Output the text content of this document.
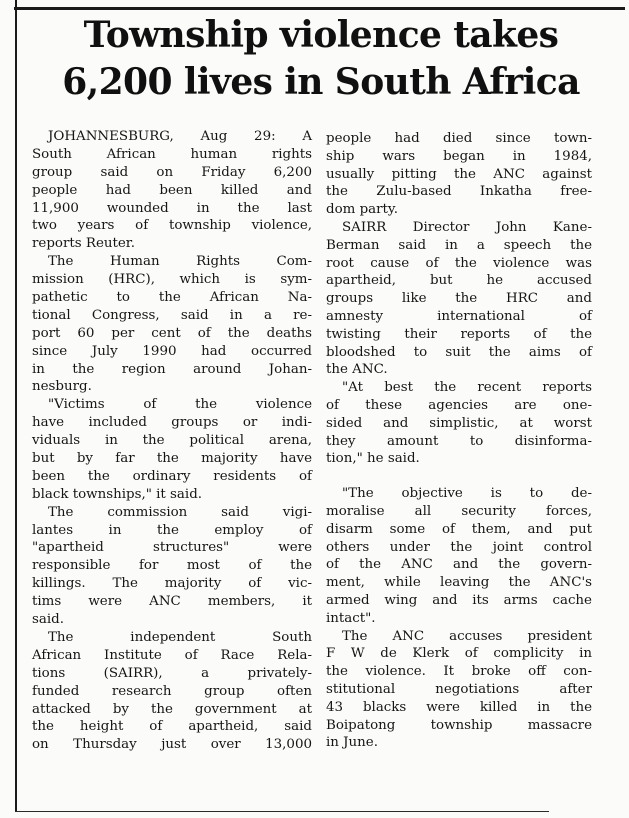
Township violence takes
6,200 lives in South Africa
JOHANNESBURG, Aug 29: A
South African human rights
group said on Friday 6,200
people had been killed and
11,900 wounded in the last
two years of township violence,
reports Reuter.
The Human Rights Com-
mission (HRC), which is sym-
pathetic to the African Na-
tional Congress, said in a re-
port 60 per cent of the deaths
since July 1990 had occurred
in the region around Johan-
nesburg.
"Victims of the violence
have included groups or indi-
viduals in the political arena,
but by far the majority have
been the ordinary residents of
black townships," it said.
The commission said vigi-
lantes in the employ of
"apartheid structures" were
responsible for most of the
killings. The majority of vic-
tims were ANC members, it
said.
The independent South
African Institute of Race Rela-
tions (SAIRR), a privately-
funded research group often
attacked by the government at
the height of apartheid, said
on Thursday just over 13,000
people had died since town-
ship wars began in 1984,
usually pitting the ANC against
the Zulu-based Inkatha free-
dom party.
SAIRR Director John Kane-
Berman said in a speech the
root cause of the violence was
apartheid, but he accused
groups like the HRC and
amnesty international of
twisting their reports of the
bloodshed to suit the aims of
the ANC.
"At best the recent reports
of these agencies are one-
sided and simplistic, at worst
they amount to disinforma-
tion," he said.
"The objective is to de-
moralise all security forces,
disarm some of them, and put
others under the joint control
of the ANC and the govern-
ment, while leaving the ANC's
armed wing and its arms cache
intact".
The ANC accuses president
F W de Klerk of complicity in
the violence. It broke off con-
stitutional negotiations after
43 blacks were killed in the
Boipatong township massacre
in June.
